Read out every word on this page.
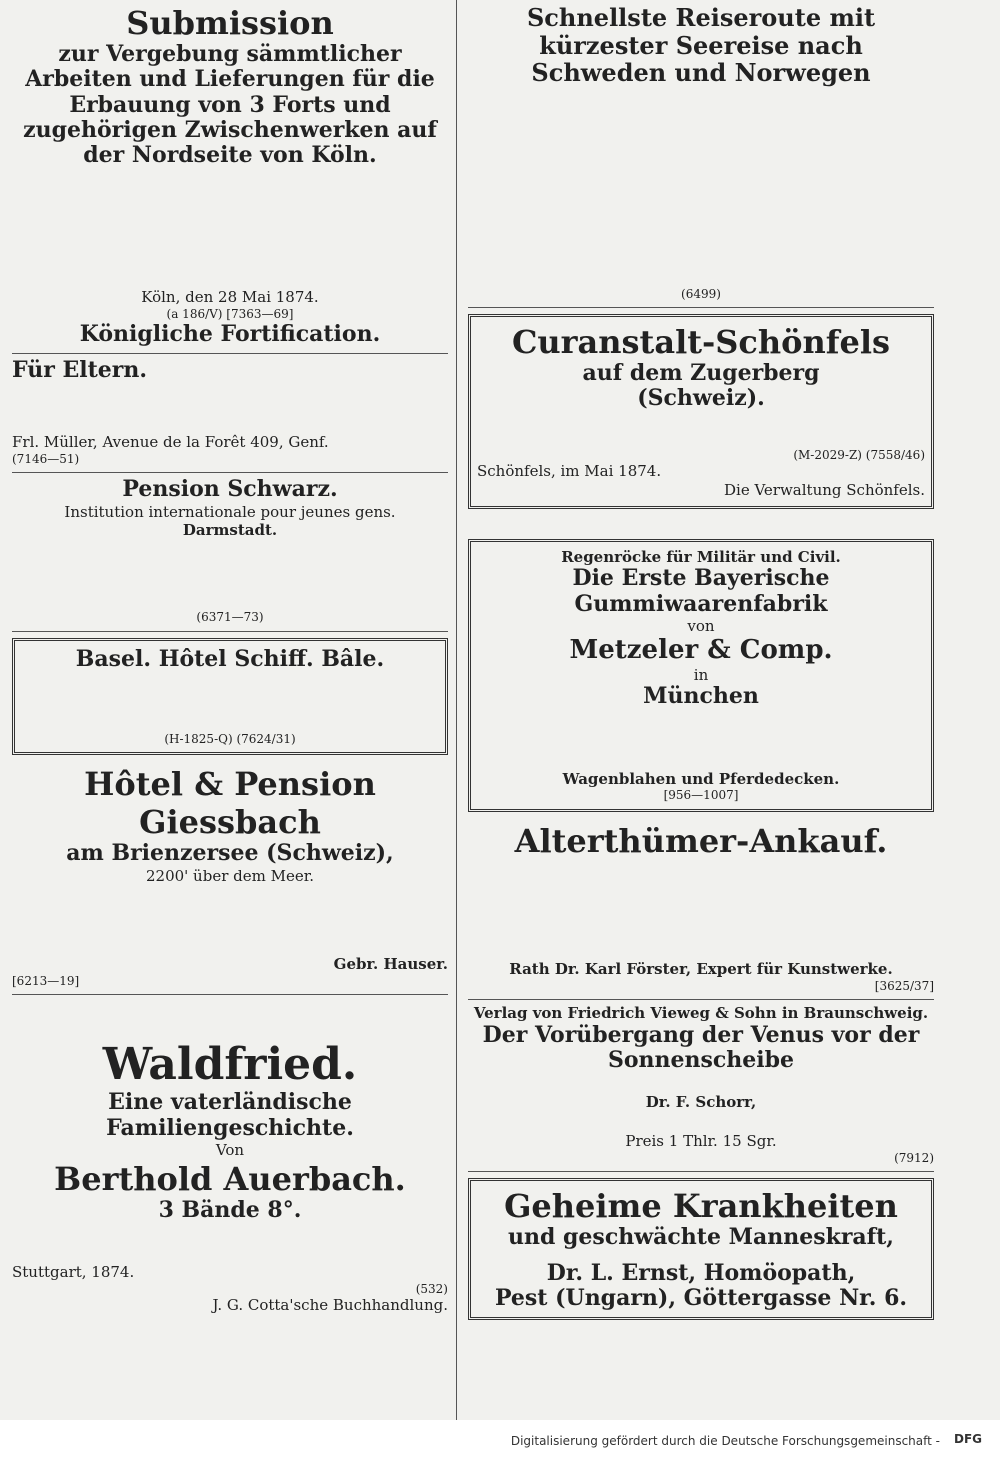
Submission
zur Vergebung sämmtlicher Arbeiten und Lieferungen für die Erbauung von 3 Forts und zugehörigen Zwischenwerken auf der Nordseite von Köln.
Köln, den 28 Mai 1874.
(a 186/V) [7363—69]
Königliche Fortification.
Für Eltern.
Frl. Müller, Avenue de la Forêt 409, Genf.
(7146—51)
Pension Schwarz.
Institution internationale pour jeunes gens.
Darmstadt.
(6371—73)
Basel. Hôtel Schiff. Bâle.
(H-1825-Q) (7624/31)
Hôtel & Pension Giessbach
am Brienzersee (Schweiz),
2200' über dem Meer.
Gebr. Hauser.
[6213—19]
Waldfried.
Eine vaterländische Familiengeschichte.
Von
Berthold Auerbach.
3 Bände 8°.
Stuttgart, 1874.
(532)
J. G. Cotta'sche Buchhandlung.
Schnellste Reiseroute mit kürzester Seereise nach Schweden und Norwegen
(6499)
Curanstalt-Schönfels
auf dem Zugerberg
(Schweiz).
(M-2029-Z) (7558/46)
Schönfels, im Mai 1874.
Die Verwaltung Schönfels.
Regenröcke für Militär und Civil.
Die Erste Bayerische Gummiwaarenfabrik
von
Metzeler & Comp.
in
München
Wagenblahen und Pferdedecken.
[956—1007]
Alterthümer-Ankauf.
Rath Dr. Karl Förster, Expert für Kunstwerke.
[3625/37]
Verlag von Friedrich Vieweg & Sohn in Braunschweig.
Der Vorübergang der Venus vor der Sonnenscheibe
Dr. F. Schorr,
Preis 1 Thlr. 15 Sgr.
(7912)
Geheime Krankheiten
und geschwächte Manneskraft,
Dr. L. Ernst, Homöopath,
Pest (Ungarn), Göttergasse Nr. 6.
Digitalisierung gefördert durch die Deutsche Forschungsgemeinschaft - DFG
